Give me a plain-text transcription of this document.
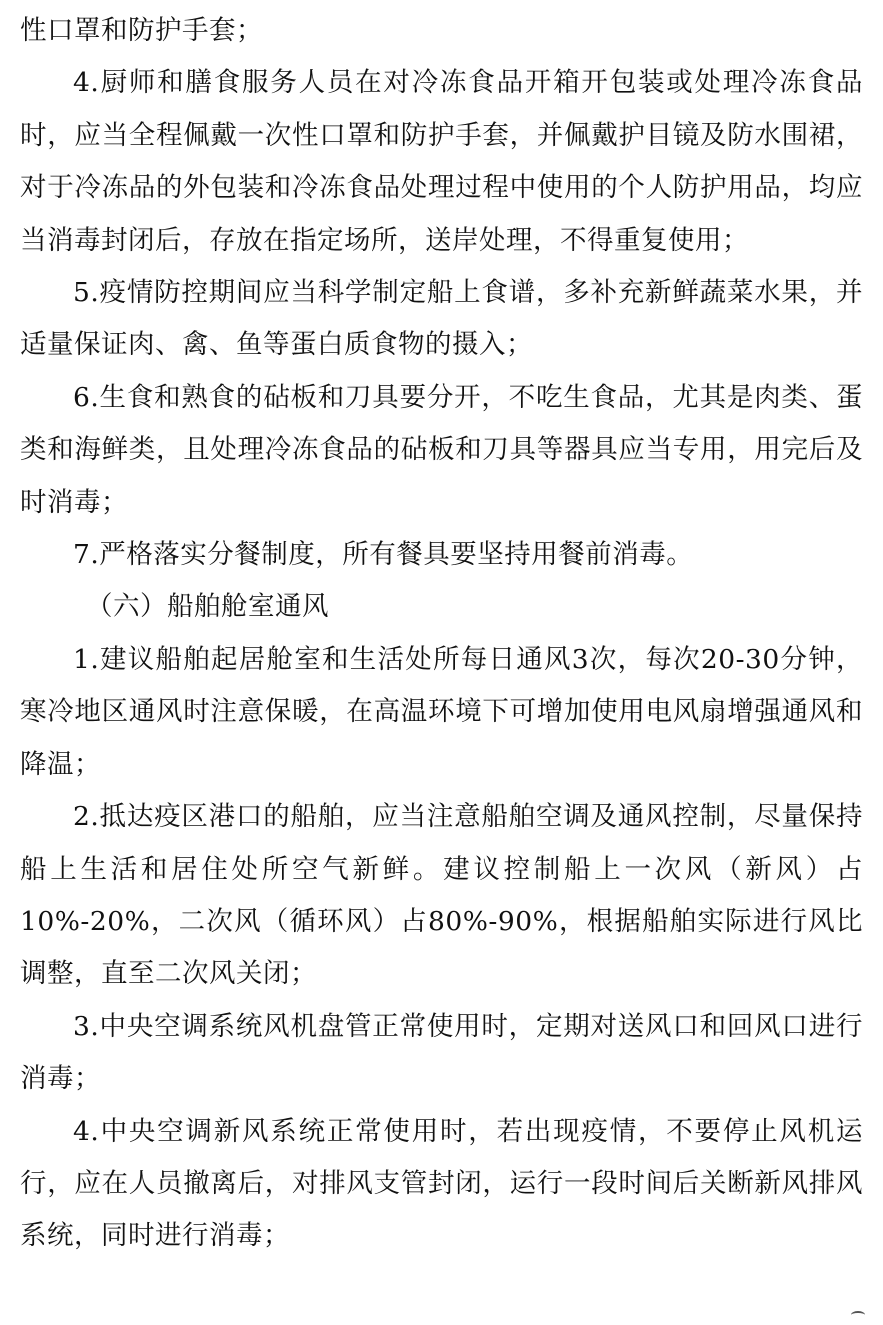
性口罩和防护手套；

4.厨师和膳食服务人员在对冷冻食品开箱开包装或处理冷冻食品时，应当全程佩戴一次性口罩和防护手套，并佩戴护目镜及防水围裙，对于冷冻品的外包装和冷冻食品处理过程中使用的个人防护用品，均应当消毒封闭后，存放在指定场所，送岸处理，不得重复使用；

5.疫情防控期间应当科学制定船上食谱，多补充新鲜蔬菜水果，并适量保证肉、禽、鱼等蛋白质食物的摄入；

6.生食和熟食的砧板和刀具要分开，不吃生食品，尤其是肉类、蛋类和海鲜类，且处理冷冻食品的砧板和刀具等器具应当专用，用完后及时消毒；

7.严格落实分餐制度，所有餐具要坚持用餐前消毒。

（六）船舶舱室通风

1.建议船舶起居舱室和生活处所每日通风3次，每次20-30分钟，寒冷地区通风时注意保暖，在高温环境下可增加使用电风扇增强通风和降温；

2.抵达疫区港口的船舶，应当注意船舶空调及通风控制，尽量保持船上生活和居住处所空气新鲜。建议控制船上一次风（新风）占10%-20%，二次风（循环风）占80%-90%，根据船舶实际进行风比调整，直至二次风关闭；

3.中央空调系统风机盘管正常使用时，定期对送风口和回风口进行消毒；

4.中央空调新风系统正常使用时，若出现疫情，不要停止风机运行，应在人员撤离后，对排风支管封闭，运行一段时间后关断新风排风系统，同时进行消毒；
